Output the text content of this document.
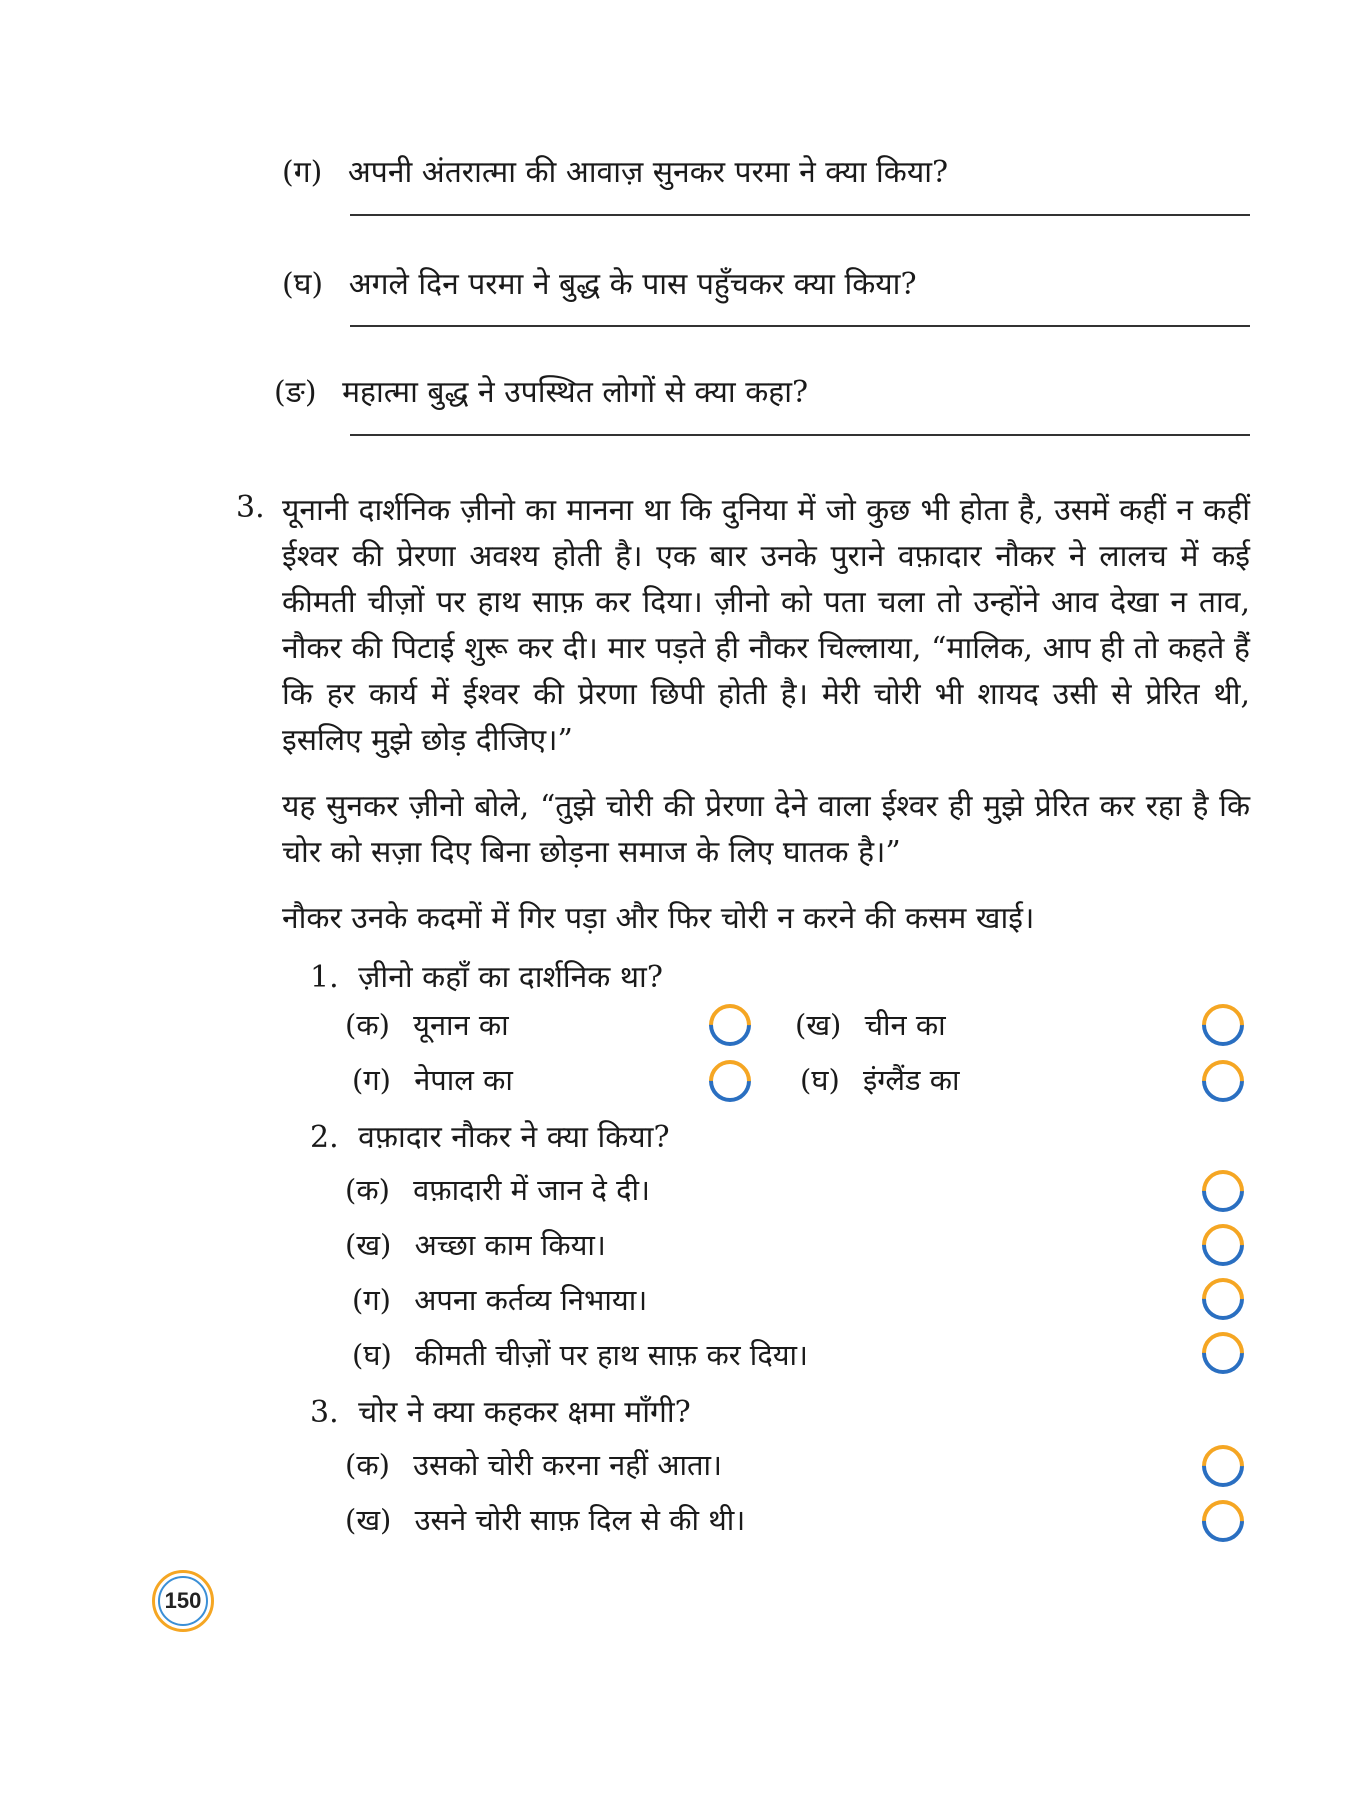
(ग) अपनी अंतरात्मा की आवाज़ सुनकर परमा ने क्या किया?
(घ) अगले दिन परमा ने बुद्ध के पास पहुँचकर क्या किया?
(ङ) महात्मा बुद्ध ने उपस्थित लोगों से क्या कहा?
3. यूनानी दार्शनिक ज़ीनो का मानना था कि दुनिया में जो कुछ भी होता है, उसमें कहीं न कहीं ईश्वर की प्रेरणा अवश्य होती है। एक बार उनके पुराने वफ़ादार नौकर ने लालच में कई कीमती चीज़ों पर हाथ साफ़ कर दिया। ज़ीनो को पता चला तो उन्होंने आव देखा न ताव, नौकर की पिटाई शुरू कर दी। मार पड़ते ही नौकर चिल्लाया, “मालिक, आप ही तो कहते हैं कि हर कार्य में ईश्वर की प्रेरणा छिपी होती है। मेरी चोरी भी शायद उसी से प्रेरित थी, इसलिए मुझे छोड़ दीजिए।”
यह सुनकर ज़ीनो बोले, “तुझे चोरी की प्रेरणा देने वाला ईश्वर ही मुझे प्रेरित कर रहा है कि चोर को सज़ा दिए बिना छोड़ना समाज के लिए घातक है।”
नौकर उनके कदमों में गिर पड़ा और फिर चोरी न करने की कसम खाई।
1. ज़ीनो कहाँ का दार्शनिक था?
(क) यूनान का	(ख) चीन का
(ग) नेपाल का	(घ) इंग्लैंड का
2. वफ़ादार नौकर ने क्या किया?
(क) वफ़ादारी में जान दे दी।
(ख) अच्छा काम किया।
(ग) अपना कर्तव्य निभाया।
(घ) कीमती चीज़ों पर हाथ साफ़ कर दिया।
3. चोर ने क्या कहकर क्षमा माँगी?
(क) उसको चोरी करना नहीं आता।
(ख) उसने चोरी साफ़ दिल से की थी।
150
